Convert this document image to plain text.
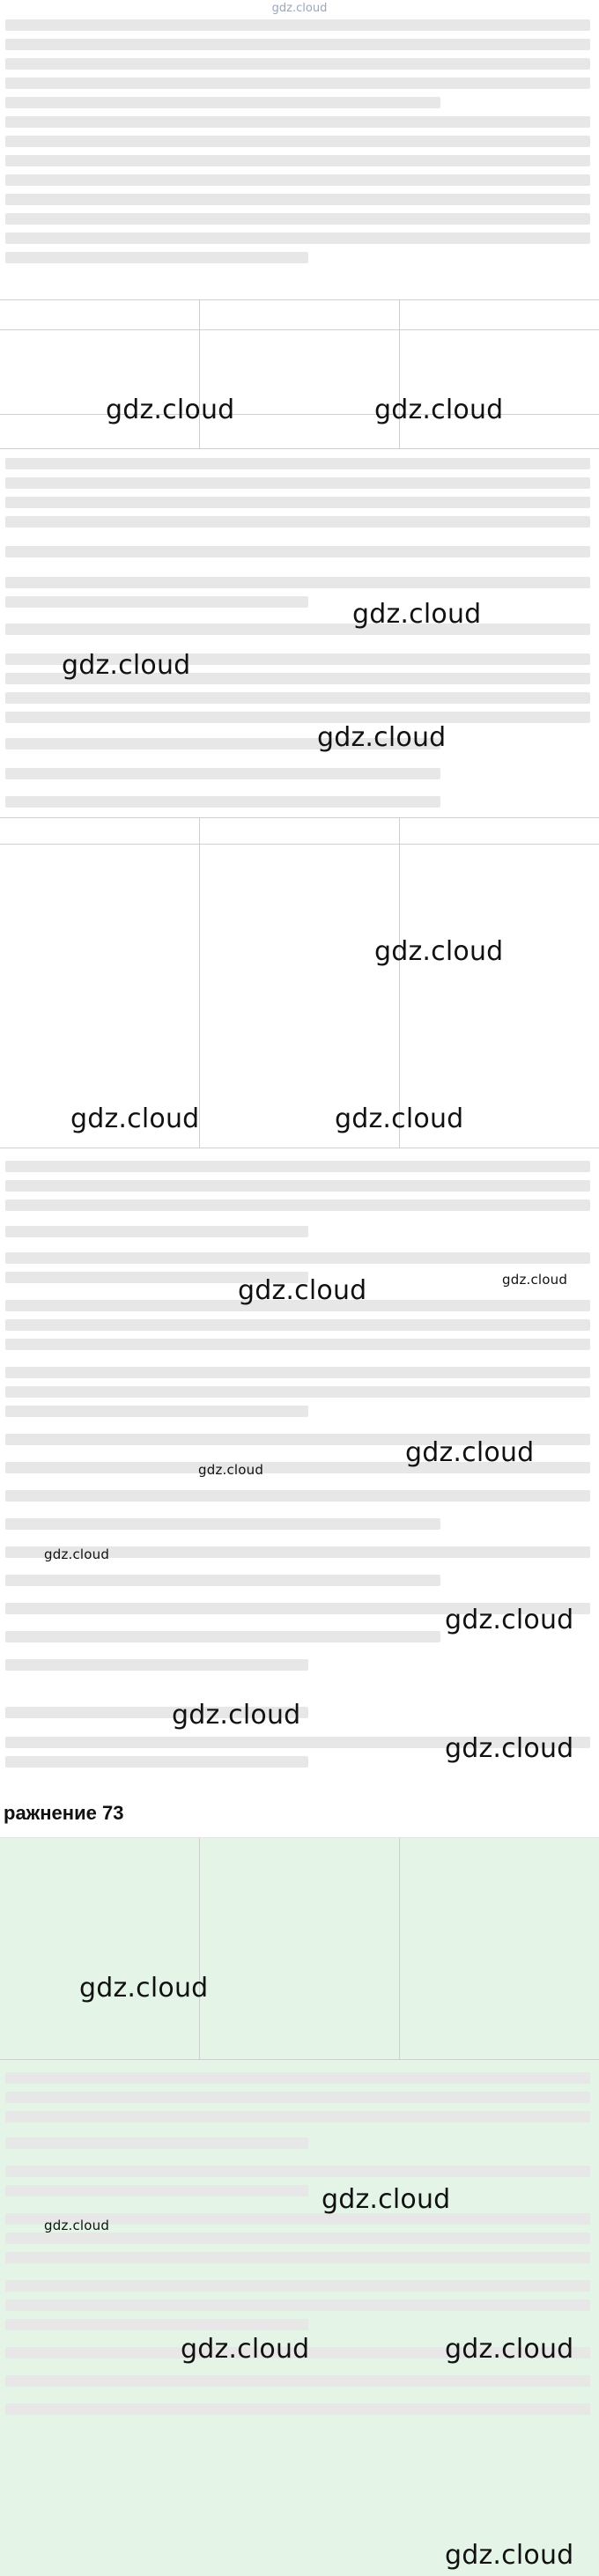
gdz.cloud
gdz.cloud	gdz.cloud
gdz.cloud
gdz.cloud
gdz.cloud
gdz.cloud
gdz.cloud	gdz.cloud
gdz.cloud	gdz.cloud
gdz.cloud
gdz.cloud
gdz.cloud
gdz.cloud
gdz.cloud
gdz.cloud
ражнение 73
gdz.cloud
gdz.cloud
gdz.cloud
gdz.cloud	gdz.cloud
gdz.cloud
